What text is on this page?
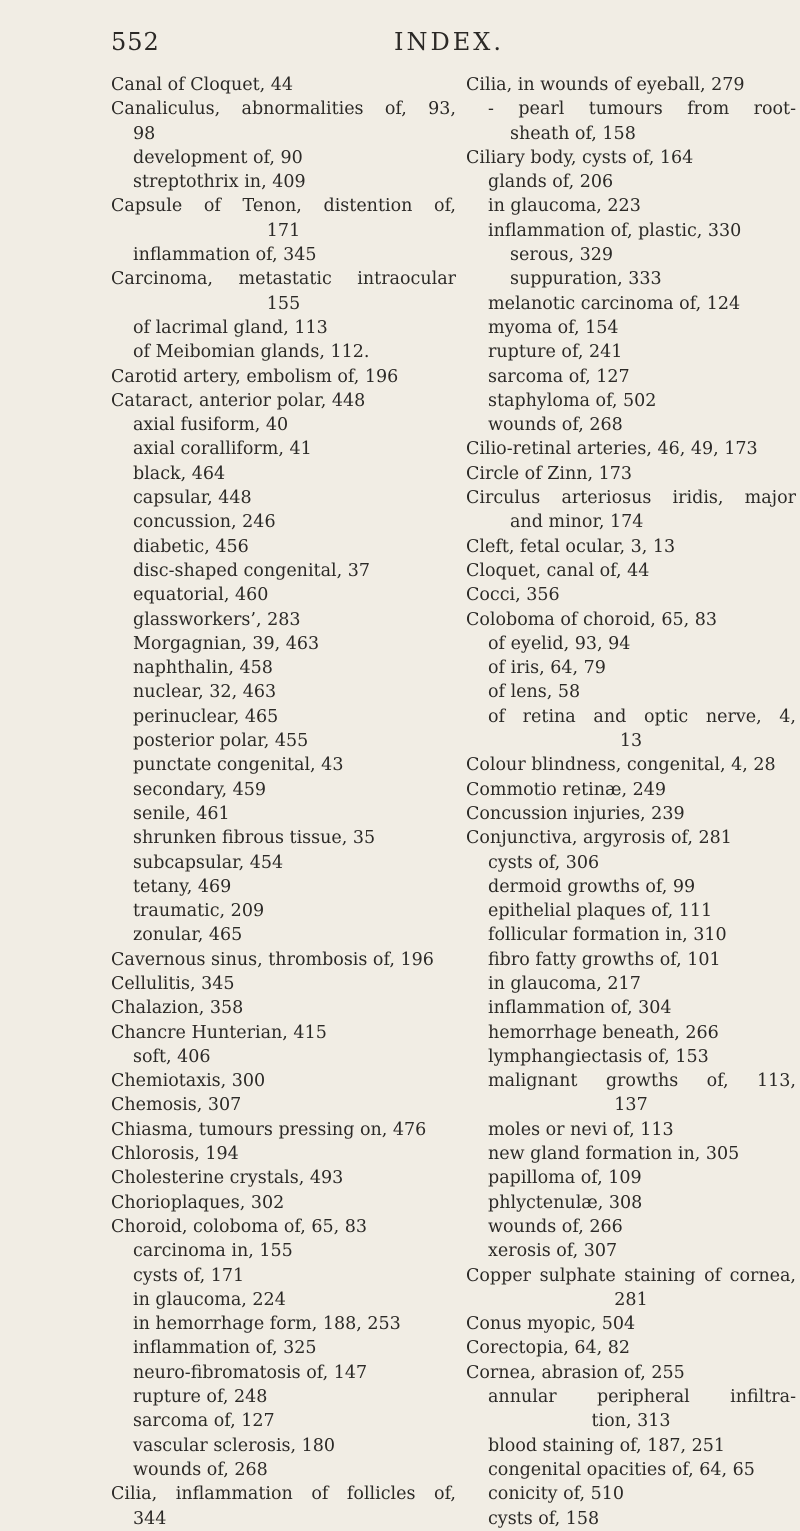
552	INDEX.
Canal of Cloquet, 44
Canaliculus, abnormalities of, 93,
98
development of, 90
streptothrix in, 409
Capsule of Tenon, distention of,
171
inflammation of, 345
Carcinoma, metastatic intraocular
155
of lacrimal gland, 113
of Meibomian glands, 112.
Carotid artery, embolism of, 196
Cataract, anterior polar, 448
axial fusiform, 40
axial coralliform, 41
black, 464
capsular, 448
concussion, 246
diabetic, 456
disc-shaped congenital, 37
equatorial, 460
glassworkers’, 283
Morgagnian, 39, 463
naphthalin, 458
nuclear, 32, 463
perinuclear, 465
posterior polar, 455
punctate congenital, 43
secondary, 459
senile, 461
shrunken fibrous tissue, 35
subcapsular, 454
tetany, 469
traumatic, 209
zonular, 465
Cavernous sinus, thrombosis of, 196
Cellulitis, 345
Chalazion, 358
Chancre Hunterian, 415
soft, 406
Chemiotaxis, 300
Chemosis, 307
Chiasma, tumours pressing on, 476
Chlorosis, 194
Cholesterine crystals, 493
Chorioplaques, 302
Choroid, coloboma of, 65, 83
carcinoma in, 155
cysts of, 171
in glaucoma, 224
in hemorrhage form, 188, 253
inflammation of, 325
neuro-fibromatosis of, 147
rupture of, 248
sarcoma of, 127
vascular sclerosis, 180
wounds of, 268
Cilia, inflammation of follicles of,
344
Cilia, in wounds of eyeball, 279
- pearl tumours from root-
sheath of, 158
Ciliary body, cysts of, 164
glands of, 206
in glaucoma, 223
inflammation of, plastic, 330
serous, 329
suppuration, 333
melanotic carcinoma of, 124
myoma of, 154
rupture of, 241
sarcoma of, 127
staphyloma of, 502
wounds of, 268
Cilio-retinal arteries, 46, 49, 173
Circle of Zinn, 173
Circulus arteriosus iridis, major
and minor, 174
Cleft, fetal ocular, 3, 13
Cloquet, canal of, 44
Cocci, 356
Coloboma of choroid, 65, 83
of eyelid, 93, 94
of iris, 64, 79
of lens, 58
of retina and optic nerve, 4,
13
Colour blindness, congenital, 4, 28
Commotio retinæ, 249
Concussion injuries, 239
Conjunctiva, argyrosis of, 281
cysts of, 306
dermoid growths of, 99
epithelial plaques of, 111
follicular formation in, 310
fibro fatty growths of, 101
in glaucoma, 217
inflammation of, 304
hemorrhage beneath, 266
lymphangiectasis of, 153
malignant growths of, 113,
137
moles or nevi of, 113
new gland formation in, 305
papilloma of, 109
phlyctenulæ, 308
wounds of, 266
xerosis of, 307
Copper sulphate staining of cornea,
281
Conus myopic, 504
Corectopia, 64, 82
Cornea, abrasion of, 255
annular peripheral infiltra-
tion, 313
blood staining of, 187, 251
congenital opacities of, 64, 65
conicity of, 510
cysts of, 158
